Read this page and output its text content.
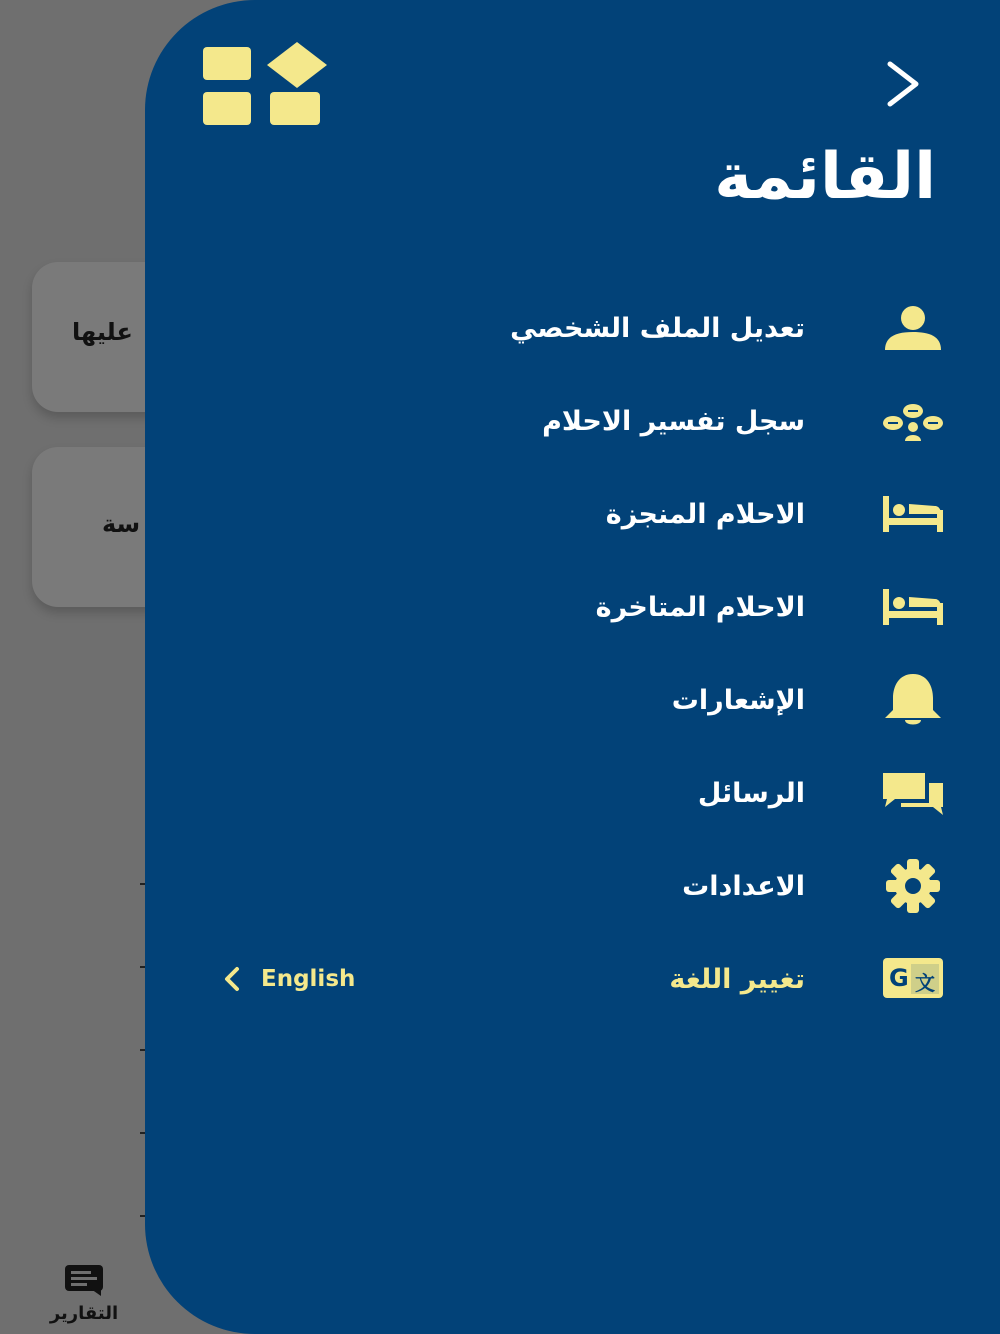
عليها
سة
التقارير
القائمة
تعديل الملف الشخصي
سجل تفسير الاحلام
الاحلام المنجزة
الاحلام المتاخرة
الإشعارات
الرسائل
الاعدادات
G 文
تغيير اللغة
English
